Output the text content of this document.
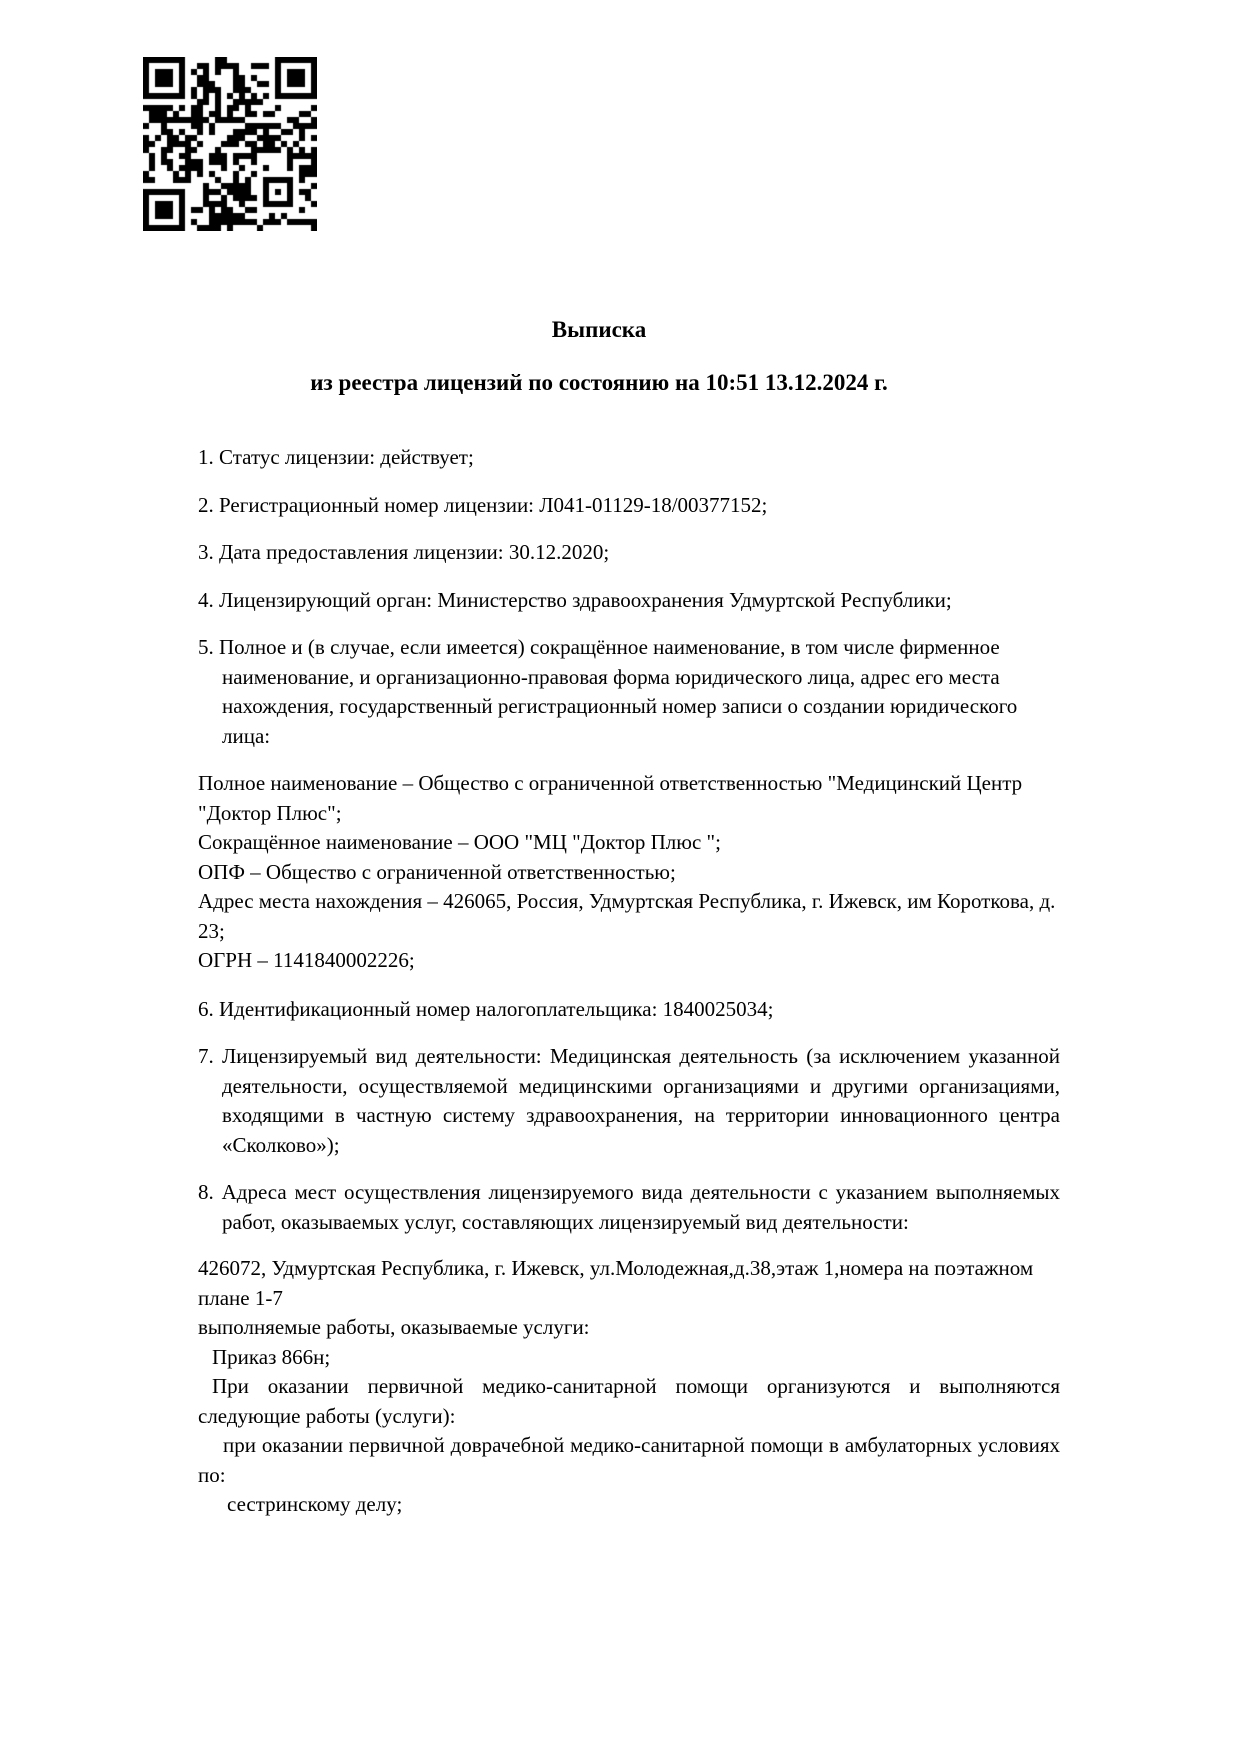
Выписка
из реестра лицензий по состоянию на 10:51 13.12.2024 г.

1. Статус лицензии: действует;

2. Регистрационный номер лицензии: Л041-01129-18/00377152;

3. Дата предоставления лицензии: 30.12.2020;

4. Лицензирующий орган: Министерство здравоохранения Удмуртской Республики;

5. Полное и (в случае, если имеется) сокращённое наименование, в том числе фирменное наименование, и организационно-правовая форма юридического лица, адрес его места нахождения, государственный регистрационный номер записи о создании юридического лица:

Полное наименование – Общество с ограниченной ответственностью "Медицинский Центр "Доктор Плюс";

Сокращённое наименование – ООО "МЦ "Доктор Плюс ";

ОПФ – Общество с ограниченной ответственностью;

Адрес места нахождения – 426065, Россия, Удмуртская Республика, г. Ижевск, им Короткова, д. 23;

ОГРН – 1141840002226;

6. Идентификационный номер налогоплательщика: 1840025034;

7. Лицензируемый вид деятельности: Медицинская деятельность (за исключением указанной деятельности, осуществляемой медицинскими организациями и другими организациями, входящими в частную систему здравоохранения, на территории инновационного центра «Сколково»);

8. Адреса мест осуществления лицензируемого вида деятельности с указанием выполняемых работ, оказываемых услуг, составляющих лицензируемый вид деятельности:

426072, Удмуртская Республика, г. Ижевск, ул.Молодежная,д.38,этаж 1,номера на поэтажном плане 1-7

выполняемые работы, оказываемые услуги:

Приказ 866н;

При оказании первичной медико-санитарной помощи организуются и выполняются следующие работы (услуги):

при оказании первичной доврачебной медико-санитарной помощи в амбулаторных условиях по:

сестринскому делу;
